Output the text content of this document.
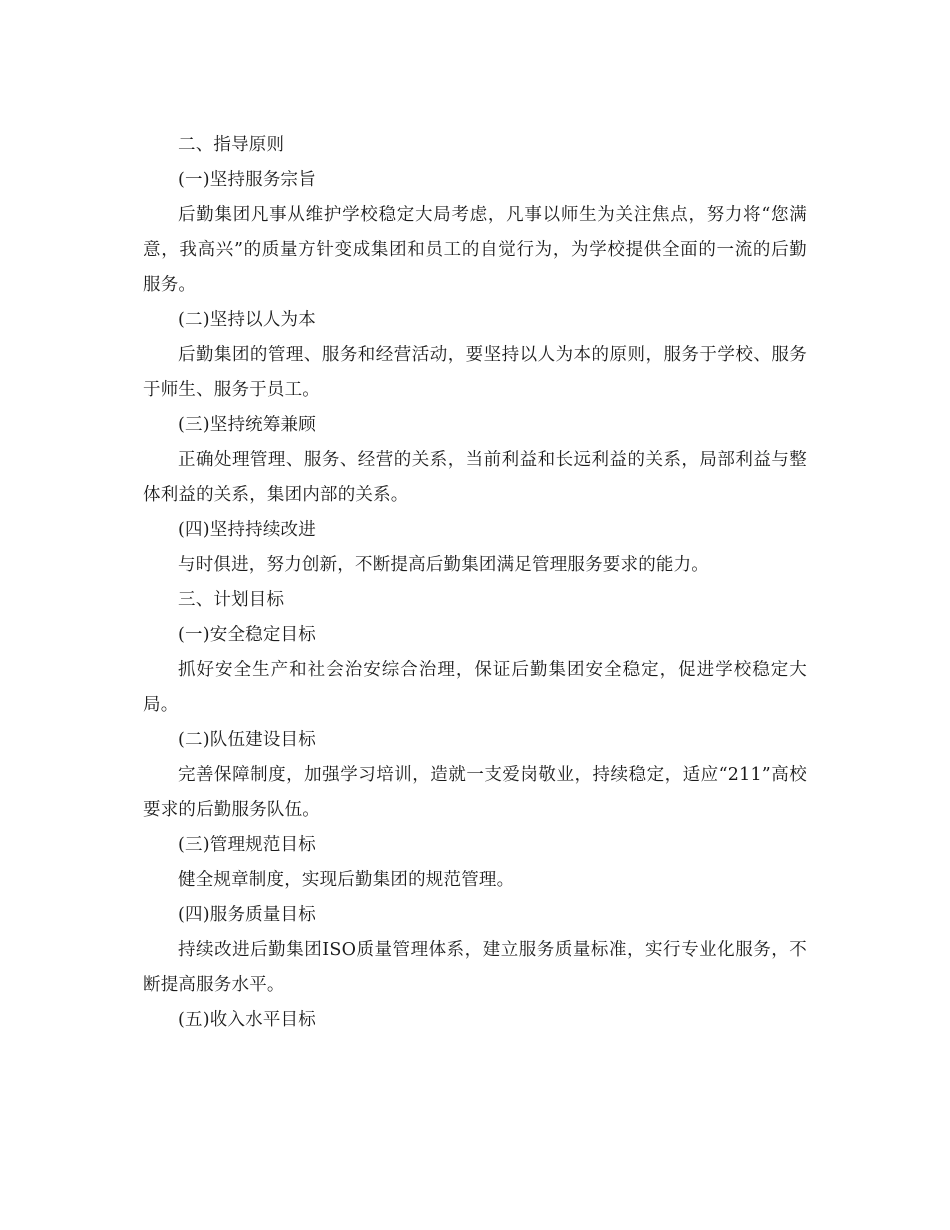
二、指导原则

(一)坚持服务宗旨

后勤集团凡事从维护学校稳定大局考虑，凡事以师生为关注焦点，努力将“您满意，我高兴”的质量方针变成集团和员工的自觉行为，为学校提供全面的一流的后勤服务。

(二)坚持以人为本

后勤集团的管理、服务和经营活动，要坚持以人为本的原则，服务于学校、服务于师生、服务于员工。

(三)坚持统筹兼顾

正确处理管理、服务、经营的关系，当前利益和长远利益的关系，局部利益与整体利益的关系，集团内部的关系。

(四)坚持持续改进

与时俱进，努力创新，不断提高后勤集团满足管理服务要求的能力。

三、计划目标

(一)安全稳定目标

抓好安全生产和社会治安综合治理，保证后勤集团安全稳定，促进学校稳定大局。

(二)队伍建设目标

完善保障制度，加强学习培训，造就一支爱岗敬业，持续稳定，适应“211”高校要求的后勤服务队伍。

(三)管理规范目标

健全规章制度，实现后勤集团的规范管理。

(四)服务质量目标

持续改进后勤集团ISO质量管理体系，建立服务质量标准，实行专业化服务，不断提高服务水平。

(五)收入水平目标
